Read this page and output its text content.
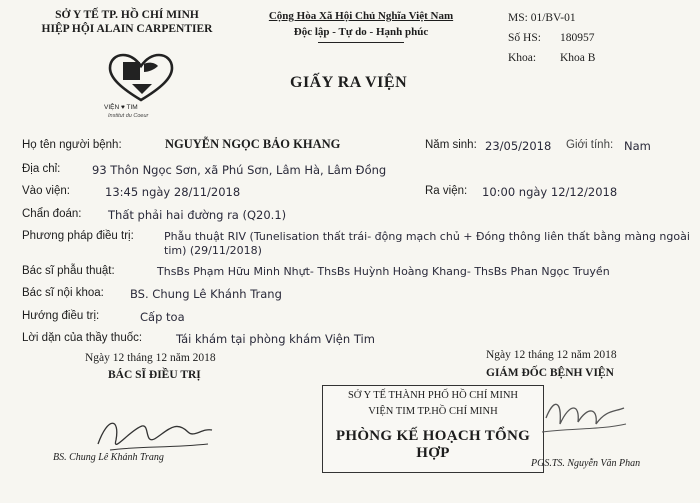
SỞ Y TẾ TP. HỒ CHÍ MINH
HIỆP HỘI ALAIN CARPENTIER
VIỆN ♥ TIM
Institut du Coeur
Cộng Hòa Xã Hội Chủ Nghĩa Việt Nam
Độc lập - Tự do - Hạnh phúc
GIẤY RA VIỆN
MS: 01/BV-01
Số HS:	180957
Khoa:	Khoa B
Họ tên người bệnh:	NGUYỄN NGỌC BẢO KHANG	Năm sinh: 23/05/2018 Giới tính: Nam
Địa chỉ:	93 Thôn Ngọc Sơn, xã Phú Sơn, Lâm Hà, Lâm Đồng
Vào viện:	13:45 ngày 28/11/2018	Ra viện: 10:00 ngày 12/12/2018
Chẩn đoán: Thất phải hai đường ra (Q20.1)
Phương pháp điều trị:	Phẫu thuật RIV (Tunelisation thất trái- động mạch chủ + Đóng thông liên thất bằng màng ngoài
tim) (29/11/2018)
Bác sĩ phẫu thuật:	ThsBs Phạm Hữu Minh Nhựt- ThsBs Huỳnh Hoàng Khang- ThsBs Phan Ngọc Truyền
Bác sĩ nội khoa: BS. Chung Lê Khánh Trang
Hướng điều trị:	Cấp toa
Lời dặn của thầy thuốc:	Tái khám tại phòng khám Viện Tim
Ngày 12 tháng 12 năm 2018
BÁC SĨ ĐIỀU TRỊ
BS. Chung Lê Khánh Trang
Ngày 12 tháng 12 năm 2018
GIÁM ĐỐC BỆNH VIỆN
SỞ Y TẾ THÀNH PHỐ HỒ CHÍ MINH
VIỆN TIM TP.HỒ CHÍ MINH
PHÒNG KẾ HOẠCH TỔNG HỢP
PGS.TS. Nguyễn Văn Phan
